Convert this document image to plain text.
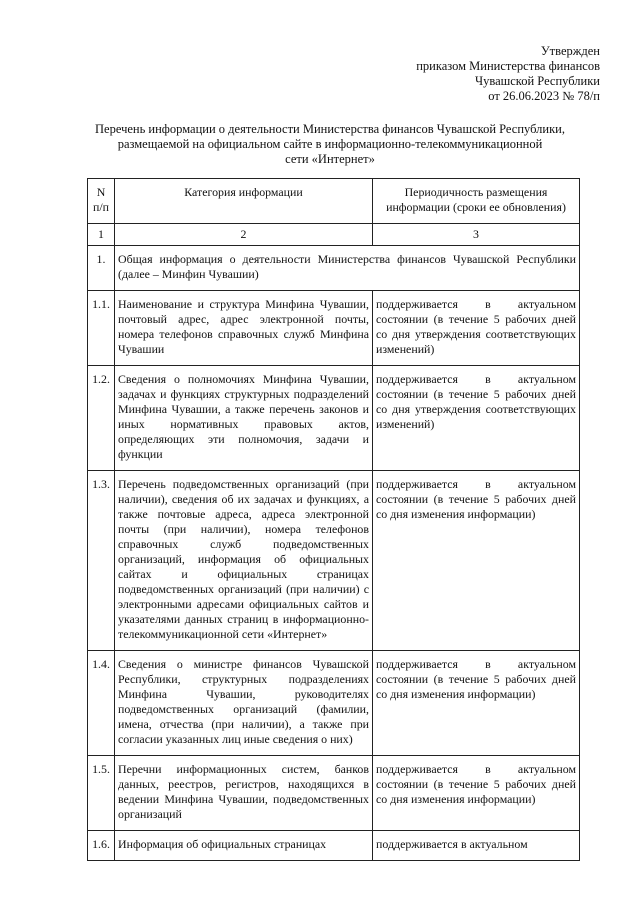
Утвержден
приказом Министерства финансов
Чувашской Республики
от 26.06.2023 № 78/п
Перечень информации о деятельности Министерства финансов Чувашской Республики,
размещаемой на официальном сайте в информационно-телекоммуникационной
сети «Интернет»
N п/п	Категория информации	Периодичность размещения информации (сроки ее обновления)
1	2	3
1.	Общая информация о деятельности Министерства финансов Чувашской Республики (далее – Минфин Чувашии)	
1.1.	Наименование и структура Минфина Чувашии, почтовый адрес, адрес электронной почты, номера телефонов справочных служб Минфина Чувашии	поддерживается в актуальном состоянии (в течение 5 рабочих дней со дня утверждения соответствующих изменений)
1.2.	Сведения о полномочиях Минфина Чувашии, задачах и функциях структурных подразделений Минфина Чувашии, а также перечень законов и иных нормативных правовых актов, определяющих эти полномочия, задачи и функции	поддерживается в актуальном состоянии (в течение 5 рабочих дней со дня утверждения соответствующих изменений)
1.3.	Перечень подведомственных организаций (при наличии), сведения об их задачах и функциях, а также почтовые адреса, адреса электронной почты (при наличии), номера телефонов справочных служб подведомственных организаций, информация об официальных сайтах и официальных страницах подведомственных организаций (при наличии) с электронными адресами официальных сайтов и указателями данных страниц в информационно-телекоммуникационной сети «Интернет»	поддерживается в актуальном состоянии (в течение 5 рабочих дней со дня изменения информации)
1.4.	Сведения о министре финансов Чувашской Республики, структурных подразделениях Минфина Чувашии, руководителях подведомственных организаций (фамилии, имена, отчества (при наличии), а также при согласии указанных лиц иные сведения о них)	поддерживается в актуальном состоянии (в течение 5 рабочих дней со дня изменения информации)
1.5.	Перечни информационных систем, банков данных, реестров, регистров, находящихся в ведении Минфина Чувашии, подведомственных организаций	поддерживается в актуальном состоянии (в течение 5 рабочих дней со дня изменения информации)
1.6.	Информация об официальных страницах	поддерживается в актуальном
